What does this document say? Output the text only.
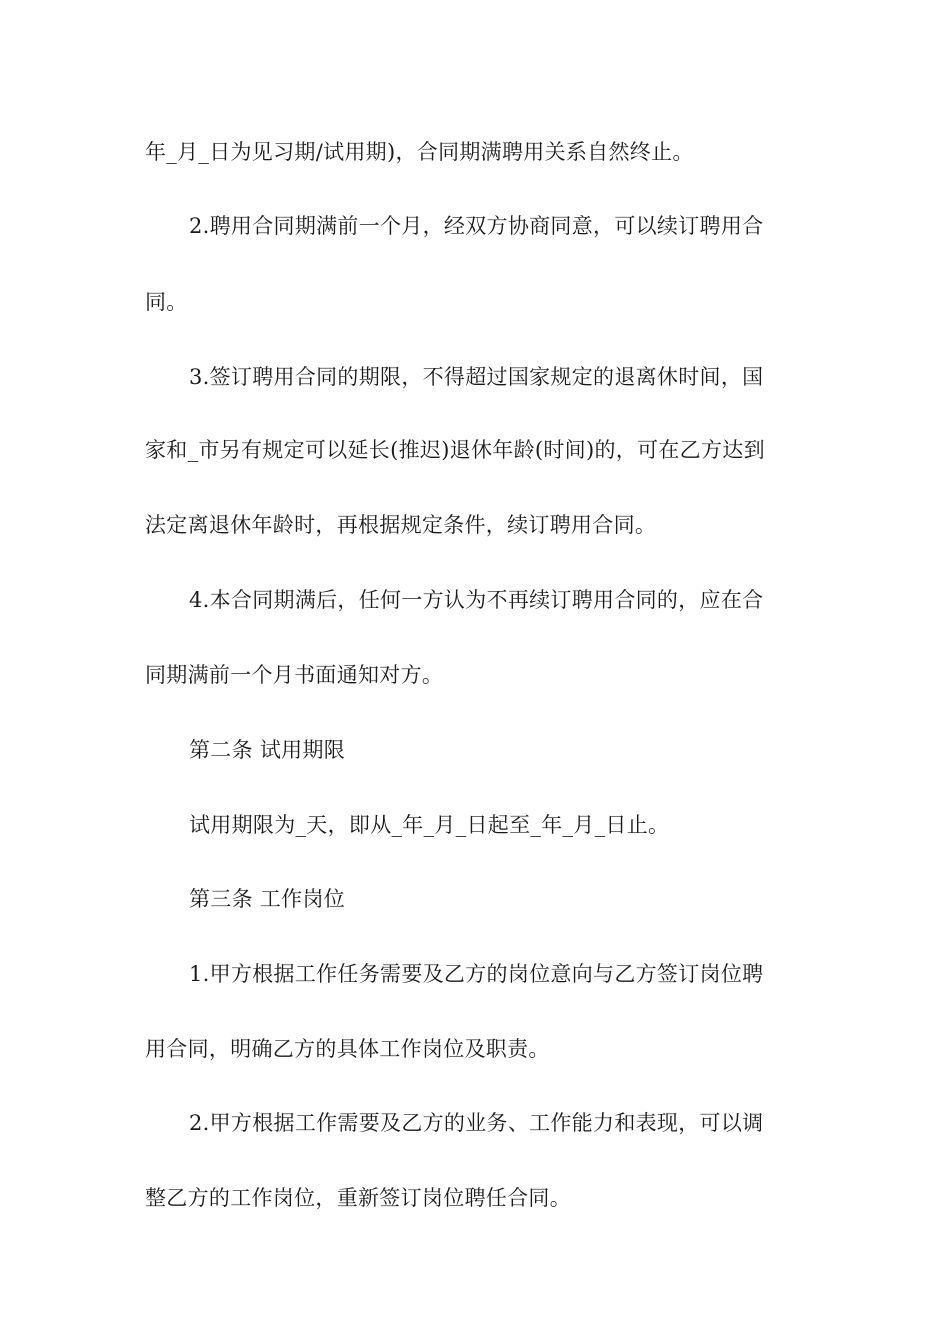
年_月_日为见习期/试用期)，合同期满聘用关系自然终止。
2.聘用合同期满前一个月，经双方协商同意，可以续订聘用合
同。
3.签订聘用合同的期限，不得超过国家规定的退离休时间，国
家和_市另有规定可以延长(推迟)退休年龄(时间)的，可在乙方达到
法定离退休年龄时，再根据规定条件，续订聘用合同。
4.本合同期满后，任何一方认为不再续订聘用合同的，应在合
同期满前一个月书面通知对方。
第二条 试用期限
试用期限为_天，即从_年_月_日起至_年_月_日止。
第三条 工作岗位
1.甲方根据工作任务需要及乙方的岗位意向与乙方签订岗位聘
用合同，明确乙方的具体工作岗位及职责。
2.甲方根据工作需要及乙方的业务、工作能力和表现，可以调
整乙方的工作岗位，重新签订岗位聘任合同。
